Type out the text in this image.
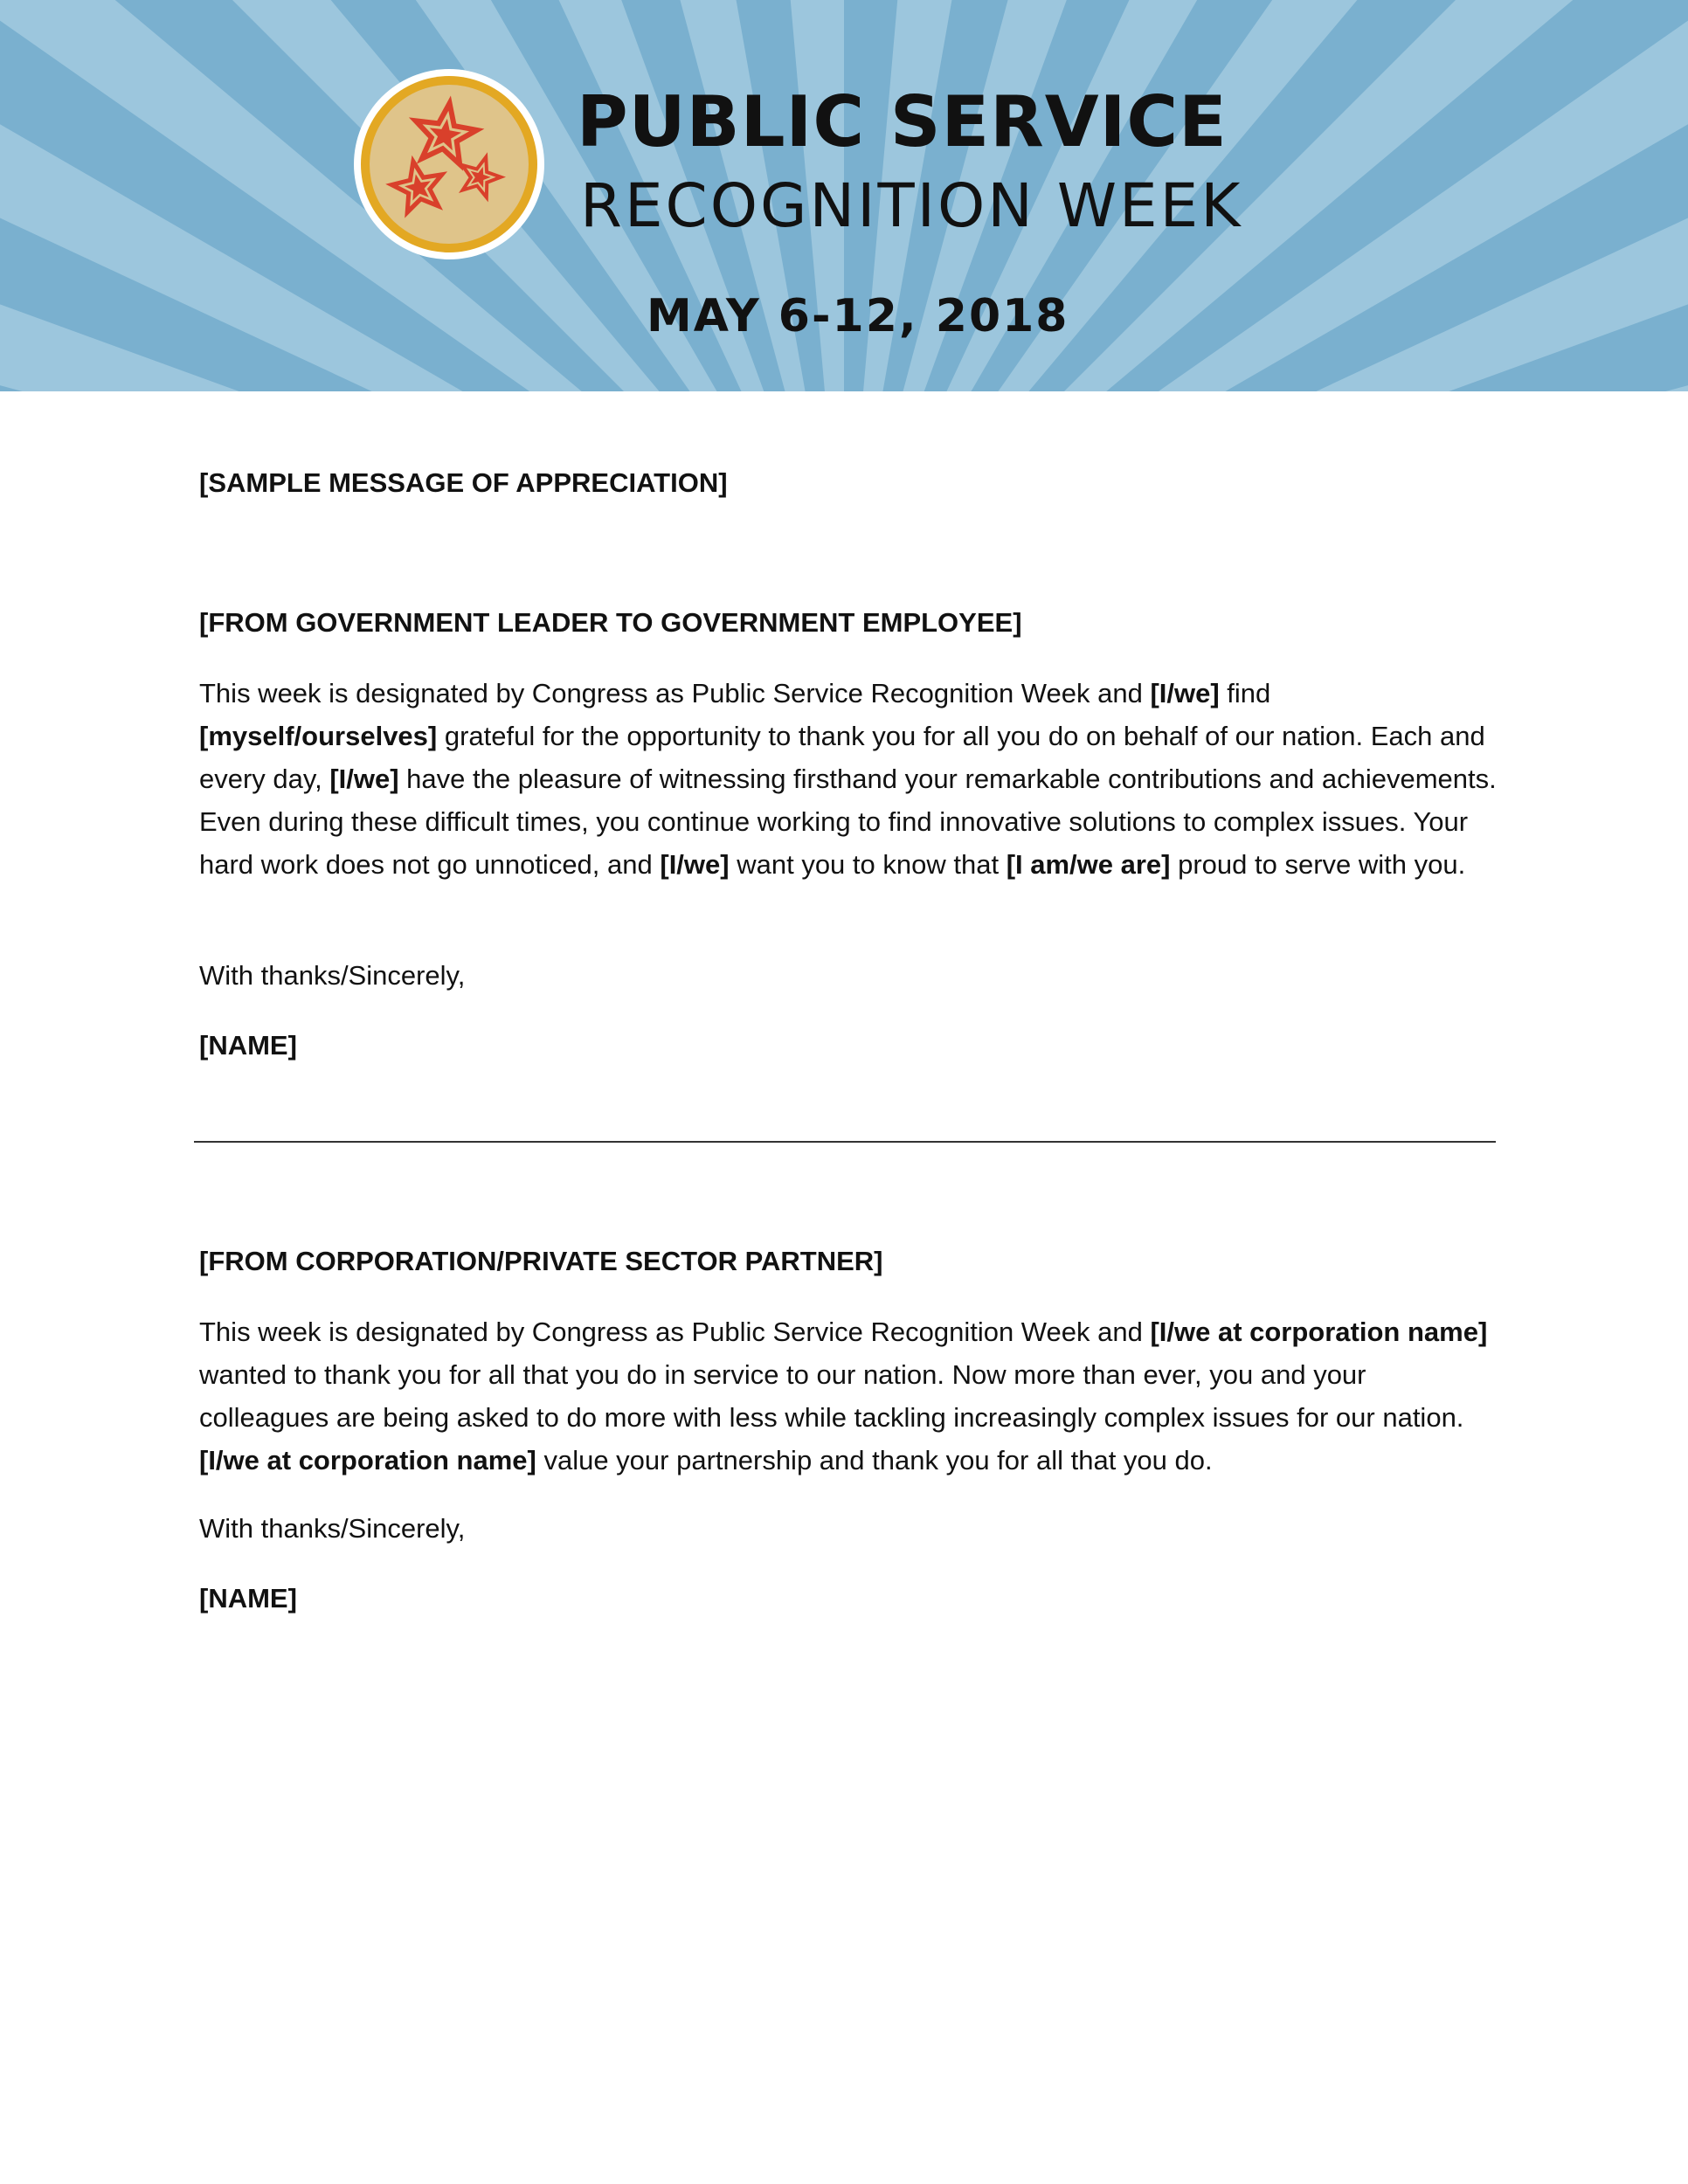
PUBLIC SERVICE
RECOGNITION WEEK
MAY 6-12, 2018

[SAMPLE MESSAGE OF APPRECIATION]

[FROM GOVERNMENT LEADER TO GOVERNMENT EMPLOYEE]

This week is designated by Congress as Public Service Recognition Week and [I/we] find [myself/ourselves] grateful for the opportunity to thank you for all you do on behalf of our nation. Each and every day, [I/we] have the pleasure of witnessing firsthand your remarkable contributions and achievements. Even during these difficult times, you continue working to find innovative solutions to complex issues. Your hard work does not go unnoticed, and [I/we] want you to know that [I am/we are] proud to serve with you.

With thanks/Sincerely,

[NAME]

[FROM CORPORATION/PRIVATE SECTOR PARTNER]

This week is designated by Congress as Public Service Recognition Week and [I/we at corporation name] wanted to thank you for all that you do in service to our nation. Now more than ever, you and your colleagues are being asked to do more with less while tackling increasingly complex issues for our nation. [I/we at corporation name] value your partnership and thank you for all that you do.

With thanks/Sincerely,

[NAME]
